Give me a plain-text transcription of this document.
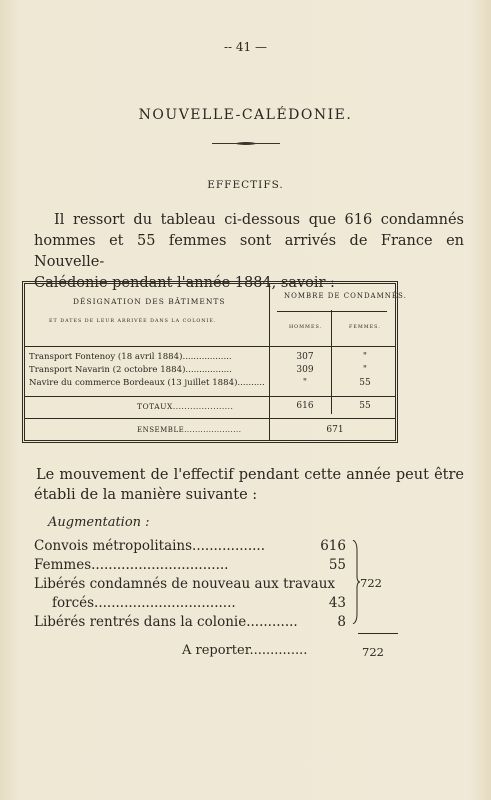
-- 41 —

NOUVELLE-CALÉDONIE.

EFFECTIFS.

Il ressort du tableau ci-dessous que 616 condamnés
hommes et 55 femmes sont arrivés de France en Nouvelle-
Calédonie pendant l'année 1884, savoir :
DÉSIGNATION DES BÂTIMENTS
ET DATES DE LEUR ARRIVÉE DANS LA COLONIE.
NOMBRE DE CONDAMNÉS.
HOMMES.	FEMMES.
Transport Fontenoy (18 avril 1884)..................	307	"
Transport Navarin (2 octobre 1884).................	309	"
Navire du commerce Bordeaux (13 juillet 1884)..........	"	55
TOTAUX.....................	616	55
ENSEMBLE.....................	671
Le mouvement de l'effectif pendant cette année peut être
établi de la manière suivante :

Augmentation :

Convois métropolitains.................	616

Femmes................................	55

Libérés condamnés de nouveau aux travaux

forcés.................................	43

Libérés rentrés dans la colonie............	8

722

A reporter..............	722
